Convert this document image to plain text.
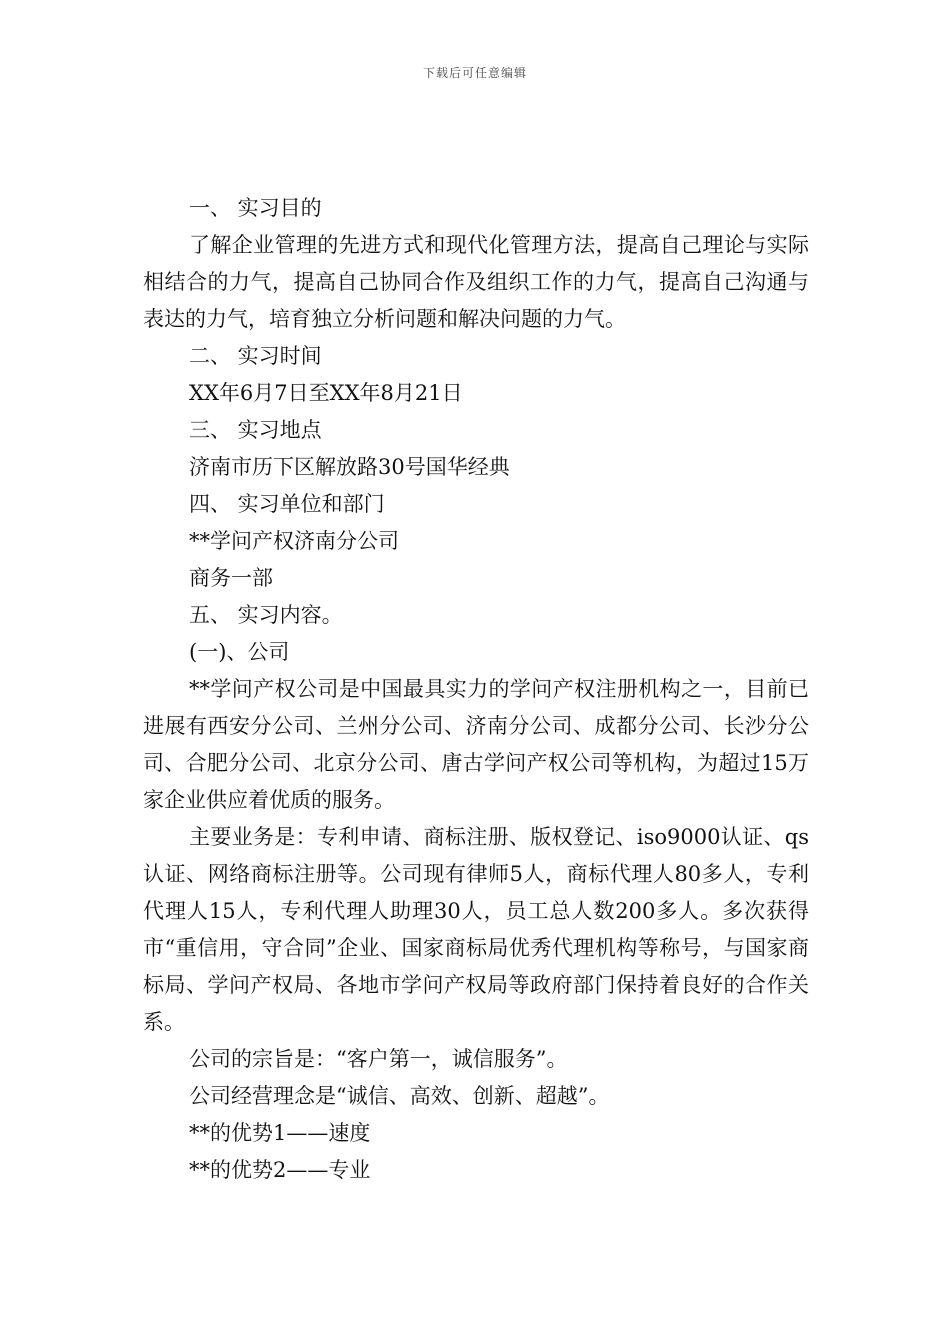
下载后可任意编辑

一、 实习目的

了解企业管理的先进方式和现代化管理方法，提高自己理论与实际相结合的力气，提高自己协同合作及组织工作的力气，提高自己沟通与表达的力气，培育独立分析问题和解决问题的力气。

二、 实习时间

XX年6月7日至XX年8月21日

三、 实习地点

济南市历下区解放路30号国华经典

四、 实习单位和部门

**学问产权济南分公司

商务一部

五、 实习内容。

(一)、公司

**学问产权公司是中国最具实力的学问产权注册机构之一，目前已进展有西安分公司、兰州分公司、济南分公司、成都分公司、长沙分公司、合肥分公司、北京分公司、唐古学问产权公司等机构，为超过15万家企业供应着优质的服务。

主要业务是：专利申请、商标注册、版权登记、iso9000认证、qs认证、网络商标注册等。公司现有律师5人，商标代理人80多人，专利代理人15人，专利代理人助理30人，员工总人数200多人。多次获得市“重信用，守合同”企业、国家商标局优秀代理机构等称号，与国家商标局、学问产权局、各地市学问产权局等政府部门保持着良好的合作关系。

公司的宗旨是：“客户第一，诚信服务”。

公司经营理念是“诚信、高效、创新、超越”。

**的优势1——速度

**的优势2——专业
